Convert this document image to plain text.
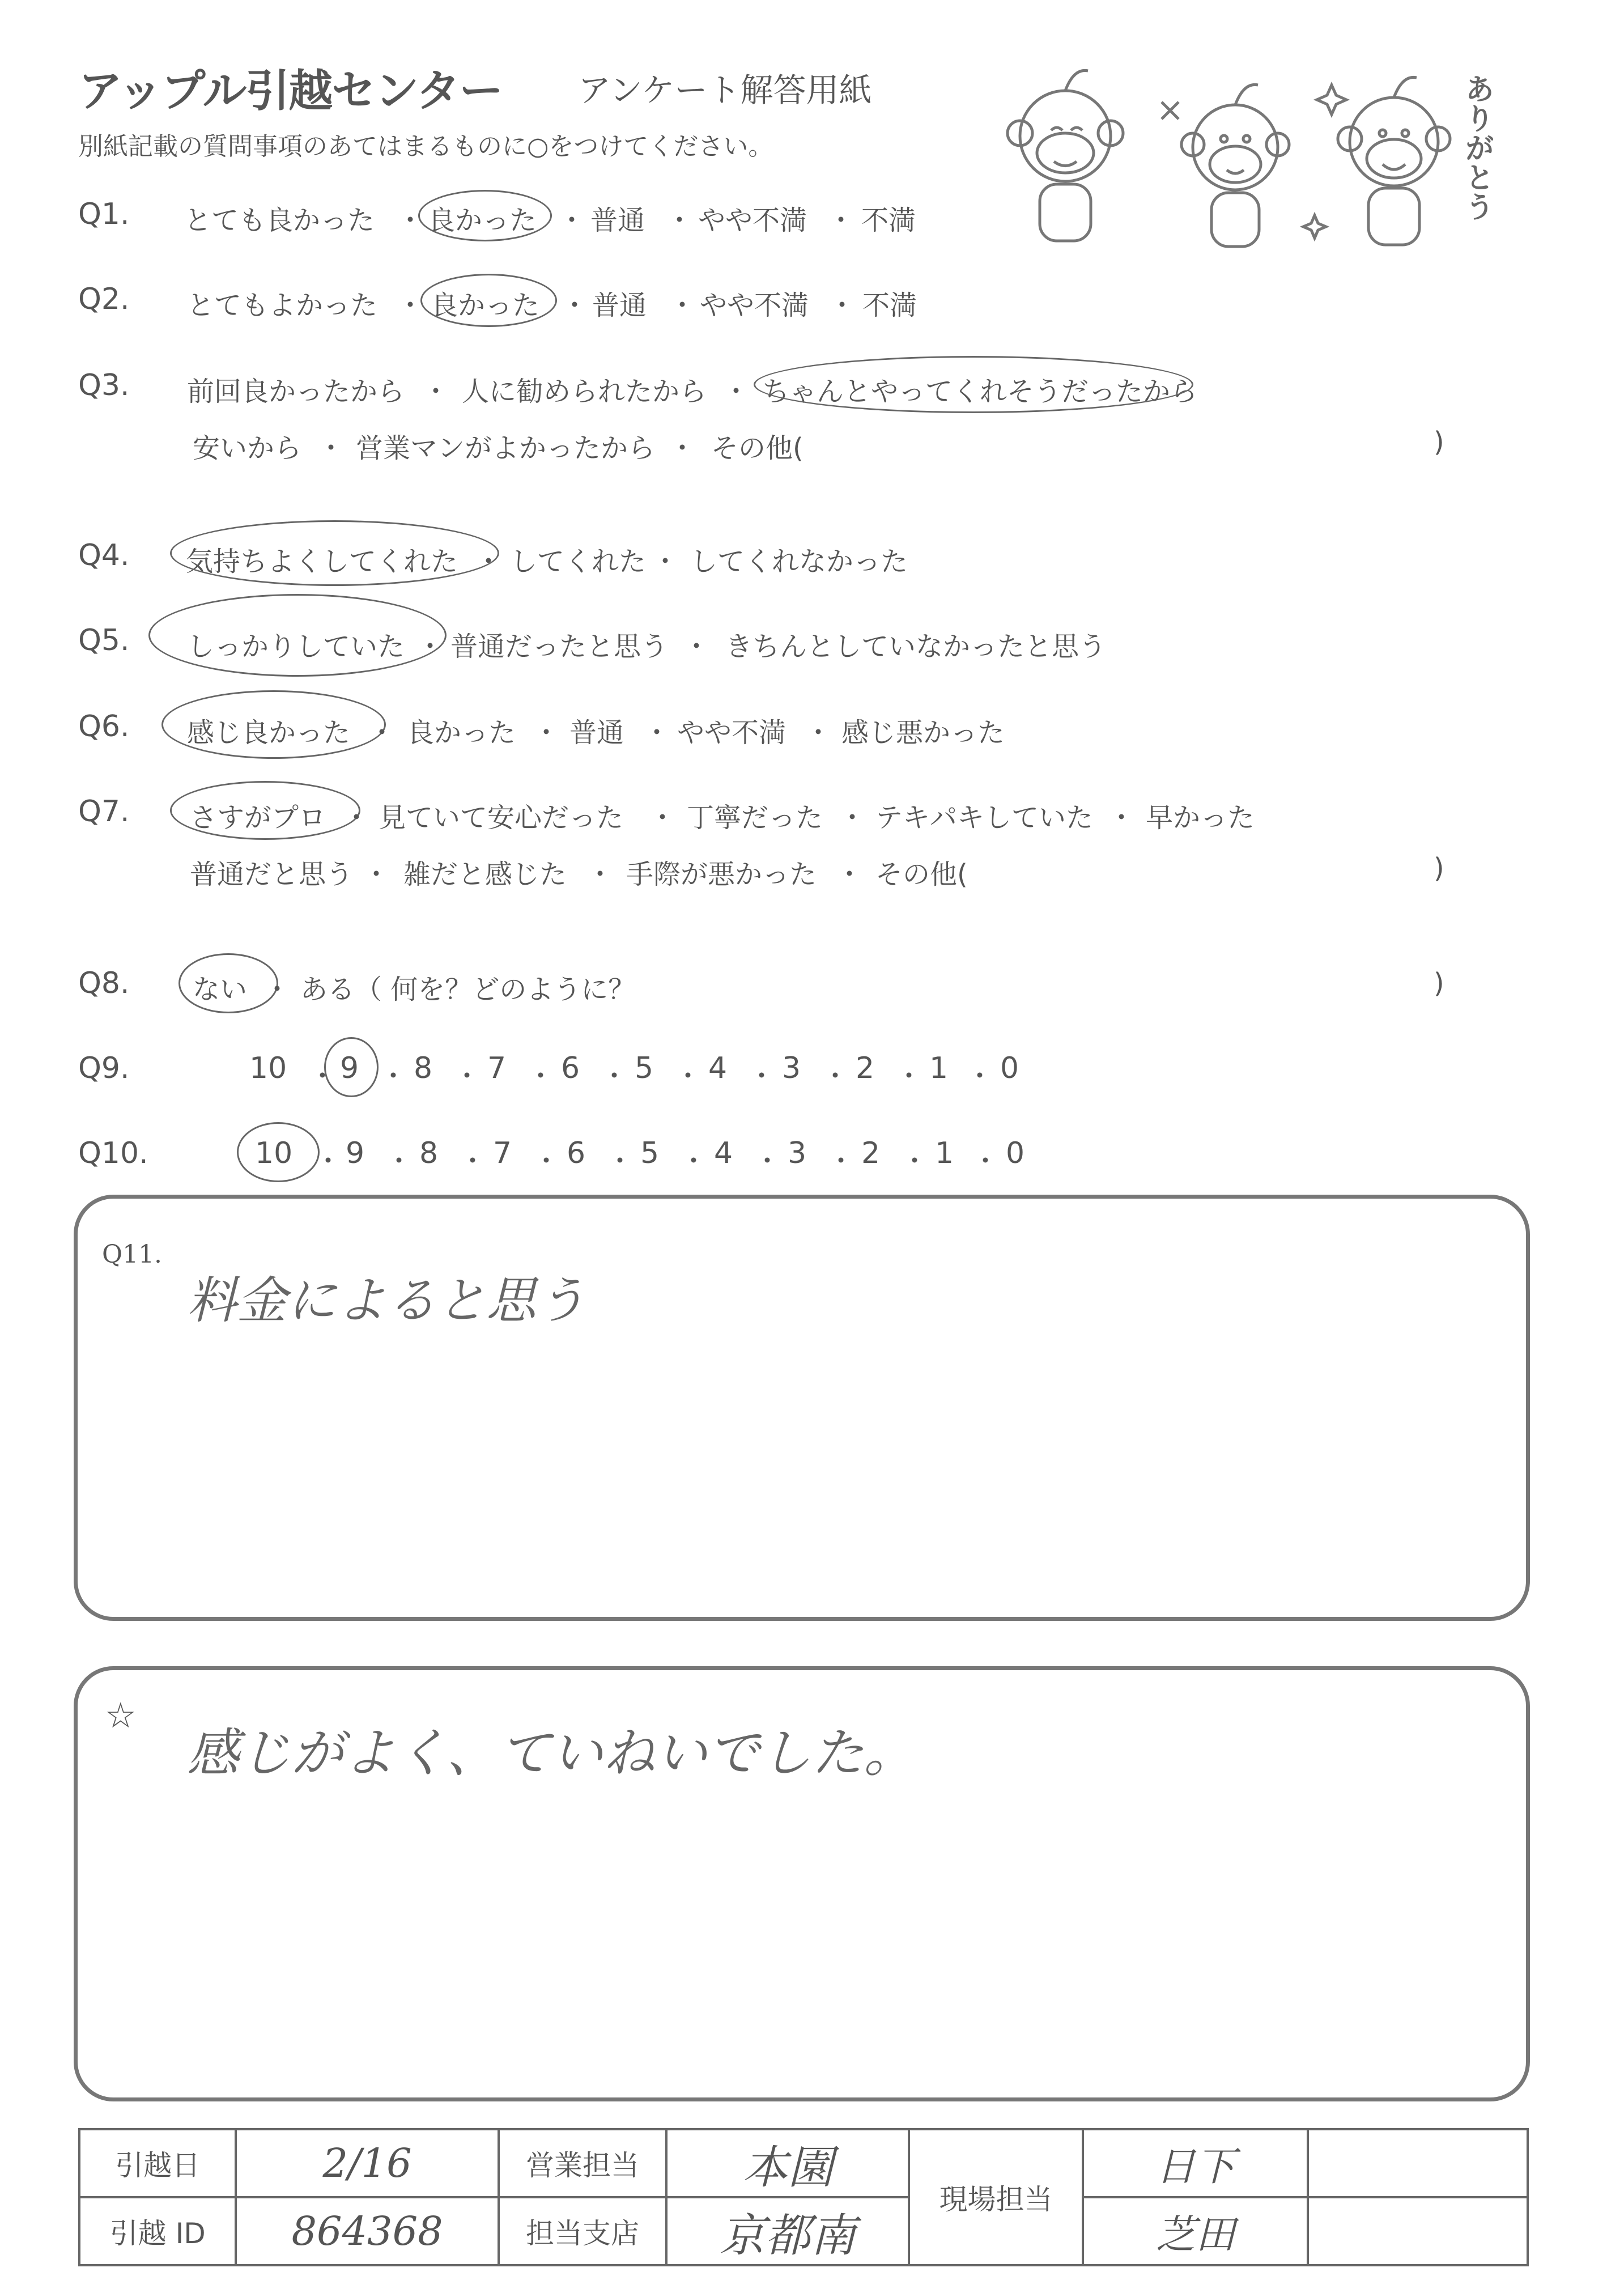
アップル引越センター アンケート解答用紙
別紙記載の質問事項のあてはまるものに○をつけてください。	ありがとう
Q1. とても良かった ・ 良かった ・ 普通 ・ やや不満 ・ 不満
Q2. とてもよかった ・ 良かった ・ 普通 ・ やや不満 ・ 不満
Q3. 前回良かったから ・ 人に勧められたから ・ ちゃんとやってくれそうだったから
安いから ・ 営業マンがよかったから ・ その他(	)
Q4. 気持ちよくしてくれた ・ してくれた ・ してくれなかった
Q5. しっかりしていた ・ 普通だったと思う ・ きちんとしていなかったと思う
Q6. 感じ良かった ・ 良かった ・ 普通 ・ やや不満 ・ 感じ悪かった
Q7. さすがプロ ・ 見ていて安心だった ・ 丁寧だった ・ テキパキしていた ・ 早かった
普通だと思う ・ 雑だと感じた ・ 手際が悪かった ・ その他(	)
Q8. ない ・ ある（ 何を？どのように？	)
Q9.	10 9 8 7 6 5 4 3 2 1 0
・ ・ ・ ・ ・ ・ ・ ・ ・ ・
Q10.	10 9 8 7 6 5 4 3 2 1 0
・ ・ ・ ・ ・ ・ ・ ・ ・ ・
Q11.
料金によると思う
☆
感じがよく、ていねいでした。
引越日	2/16	営業担当	本園	現場担当	日下	
引越 ID	864368	担当支店	京都南		芝田	
